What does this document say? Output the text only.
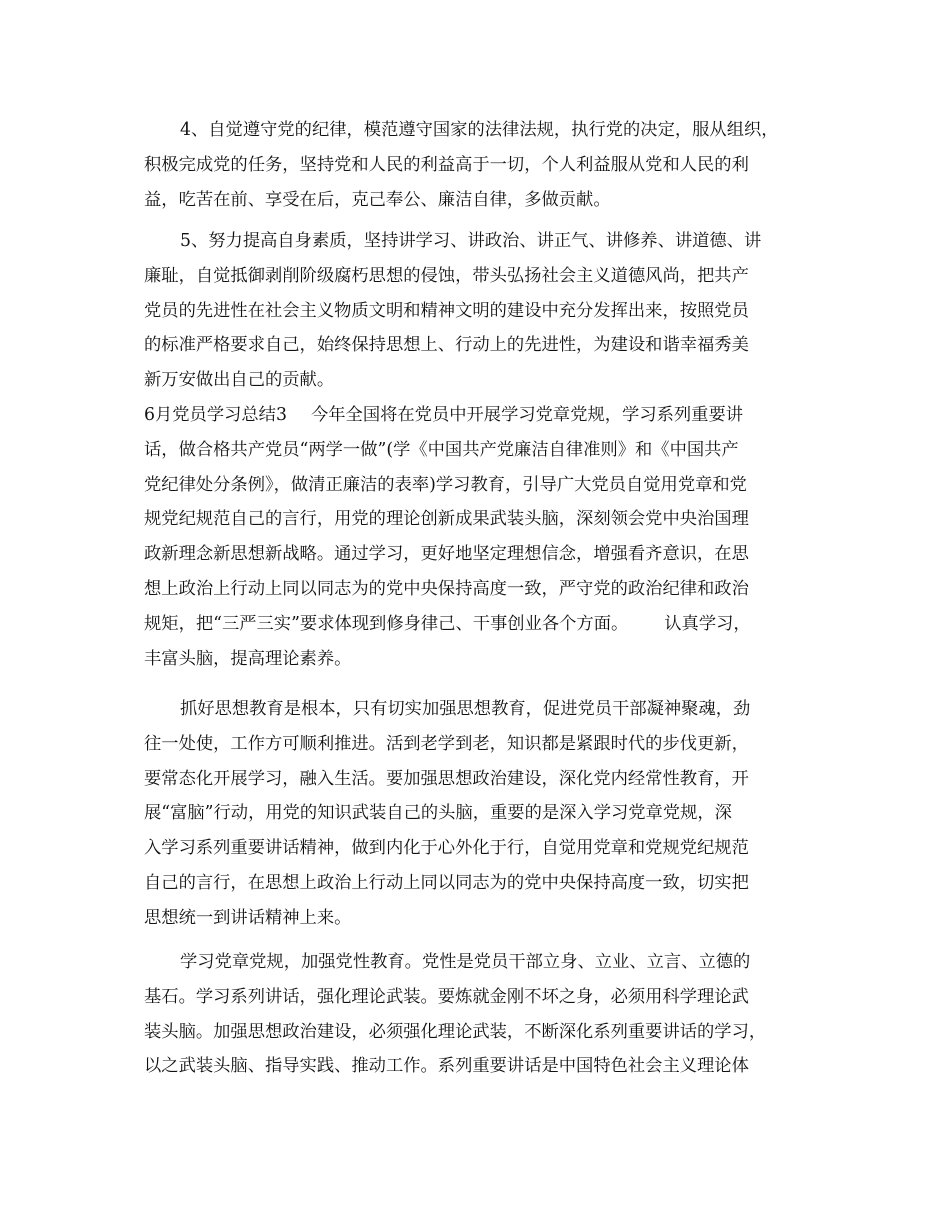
4、自觉遵守党的纪律，模范遵守国家的法律法规，执行党的决定，服从组织，
积极完成党的任务，坚持党和人民的利益高于一切，个人利益服从党和人民的利
益，吃苦在前、享受在后，克己奉公、廉洁自律，多做贡献。
5、努力提高自身素质，坚持讲学习、讲政治、讲正气、讲修养、讲道德、讲
廉耻，自觉抵御剥削阶级腐朽思想的侵蚀，带头弘扬社会主义道德风尚，把共产
党员的先进性在社会主义物质文明和精神文明的建设中充分发挥出来，按照党员
的标准严格要求自己，始终保持思想上、行动上的先进性，为建设和谐幸福秀美
新万安做出自己的贡献。
6月党员学习总结3 今年全国将在党员中开展学习党章党规，学习系列重要讲
话，做合格共产党员“两学一做”(学《中国共产党廉洁自律准则》和《中国共产
党纪律处分条例》，做清正廉洁的表率)学习教育，引导广大党员自觉用党章和党
规党纪规范自己的言行，用党的理论创新成果武装头脑，深刻领会党中央治国理
政新理念新思想新战略。通过学习，更好地坚定理想信念，增强看齐意识，在思
想上政治上行动上同以同志为的党中央保持高度一致，严守党的政治纪律和政治
规矩，把“三严三实”要求体现到修身律己、干事创业各个方面。 认真学习，
丰富头脑，提高理论素养。
抓好思想教育是根本，只有切实加强思想教育，促进党员干部凝神聚魂，劲
往一处使，工作方可顺利推进。活到老学到老，知识都是紧跟时代的步伐更新，
要常态化开展学习，融入生活。要加强思想政治建设，深化党内经常性教育，开
展“富脑”行动，用党的知识武装自己的头脑，重要的是深入学习党章党规，深
入学习系列重要讲话精神，做到内化于心外化于行，自觉用党章和党规党纪规范
自己的言行，在思想上政治上行动上同以同志为的党中央保持高度一致，切实把
思想统一到讲话精神上来。
学习党章党规，加强党性教育。党性是党员干部立身、立业、立言、立德的
基石。学习系列讲话，强化理论武装。要炼就金刚不坏之身，必须用科学理论武
装头脑。加强思想政治建设，必须强化理论武装，不断深化系列重要讲话的学习，
以之武装头脑、指导实践、推动工作。系列重要讲话是中国特色社会主义理论体
